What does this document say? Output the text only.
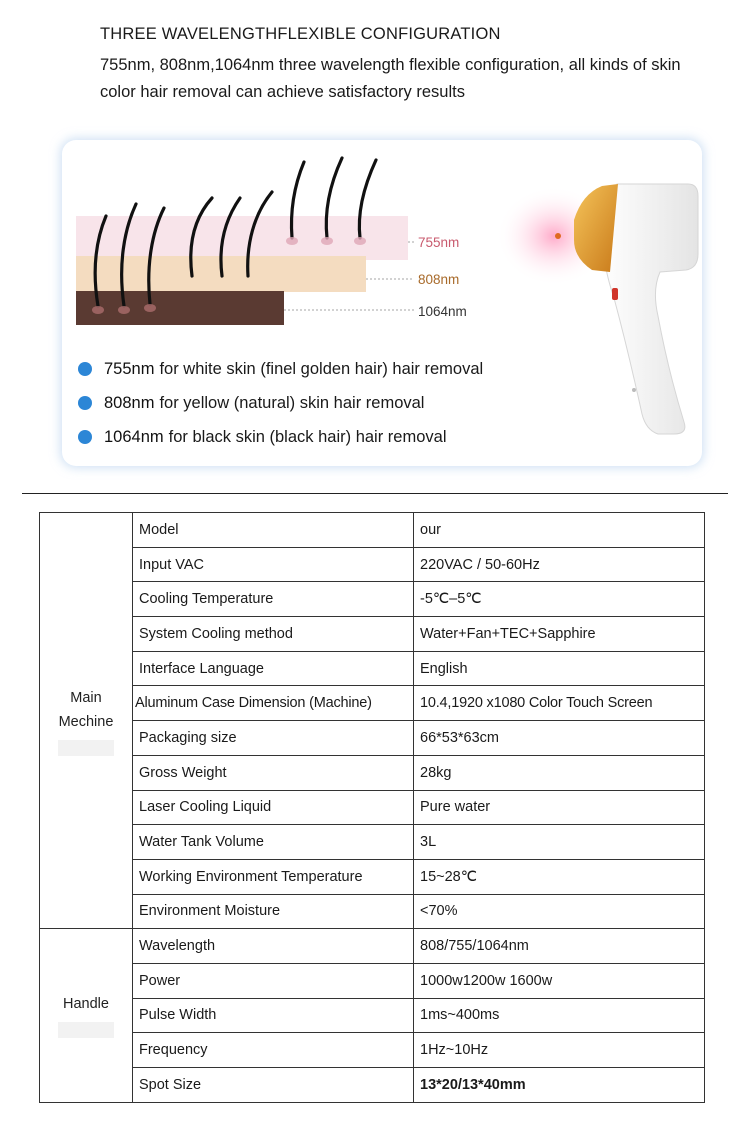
THREE WAVELENGTHFLEXIBLE CONFIGURATION

755nm, 808nm,1064nm three wavelength flexible configuration, all kinds of skin color hair removal can achieve satisfactory results

755nm
808nm
1064nm
755nm for white skin (finel golden hair) hair removal
808nm for yellow (natural) skin hair removal
1064nm for black skin (black hair) hair removal
Main
Mechine	Model	our
	Input VAC	220VAC / 50-60Hz
	Cooling Temperature	-5℃–5℃
	System Cooling method	Water+Fan+TEC+Sapphire
	Interface Language	English
	Aluminum Case Dimension (Machine)	10.4,1920 x1080 Color Touch Screen
	Packaging size	66*53*63cm
	Gross Weight	28kg
	Laser Cooling Liquid	Pure water
	Water Tank Volume	3L
	Working Environment Temperature	15~28℃
	Environment Moisture	<70%
Handle	Wavelength	808/755/1064nm
	Power	1000w1200w 1600w
	Pulse Width	1ms~400ms
	Frequency	1Hz~10Hz
	Spot Size	13*20/13*40mm
